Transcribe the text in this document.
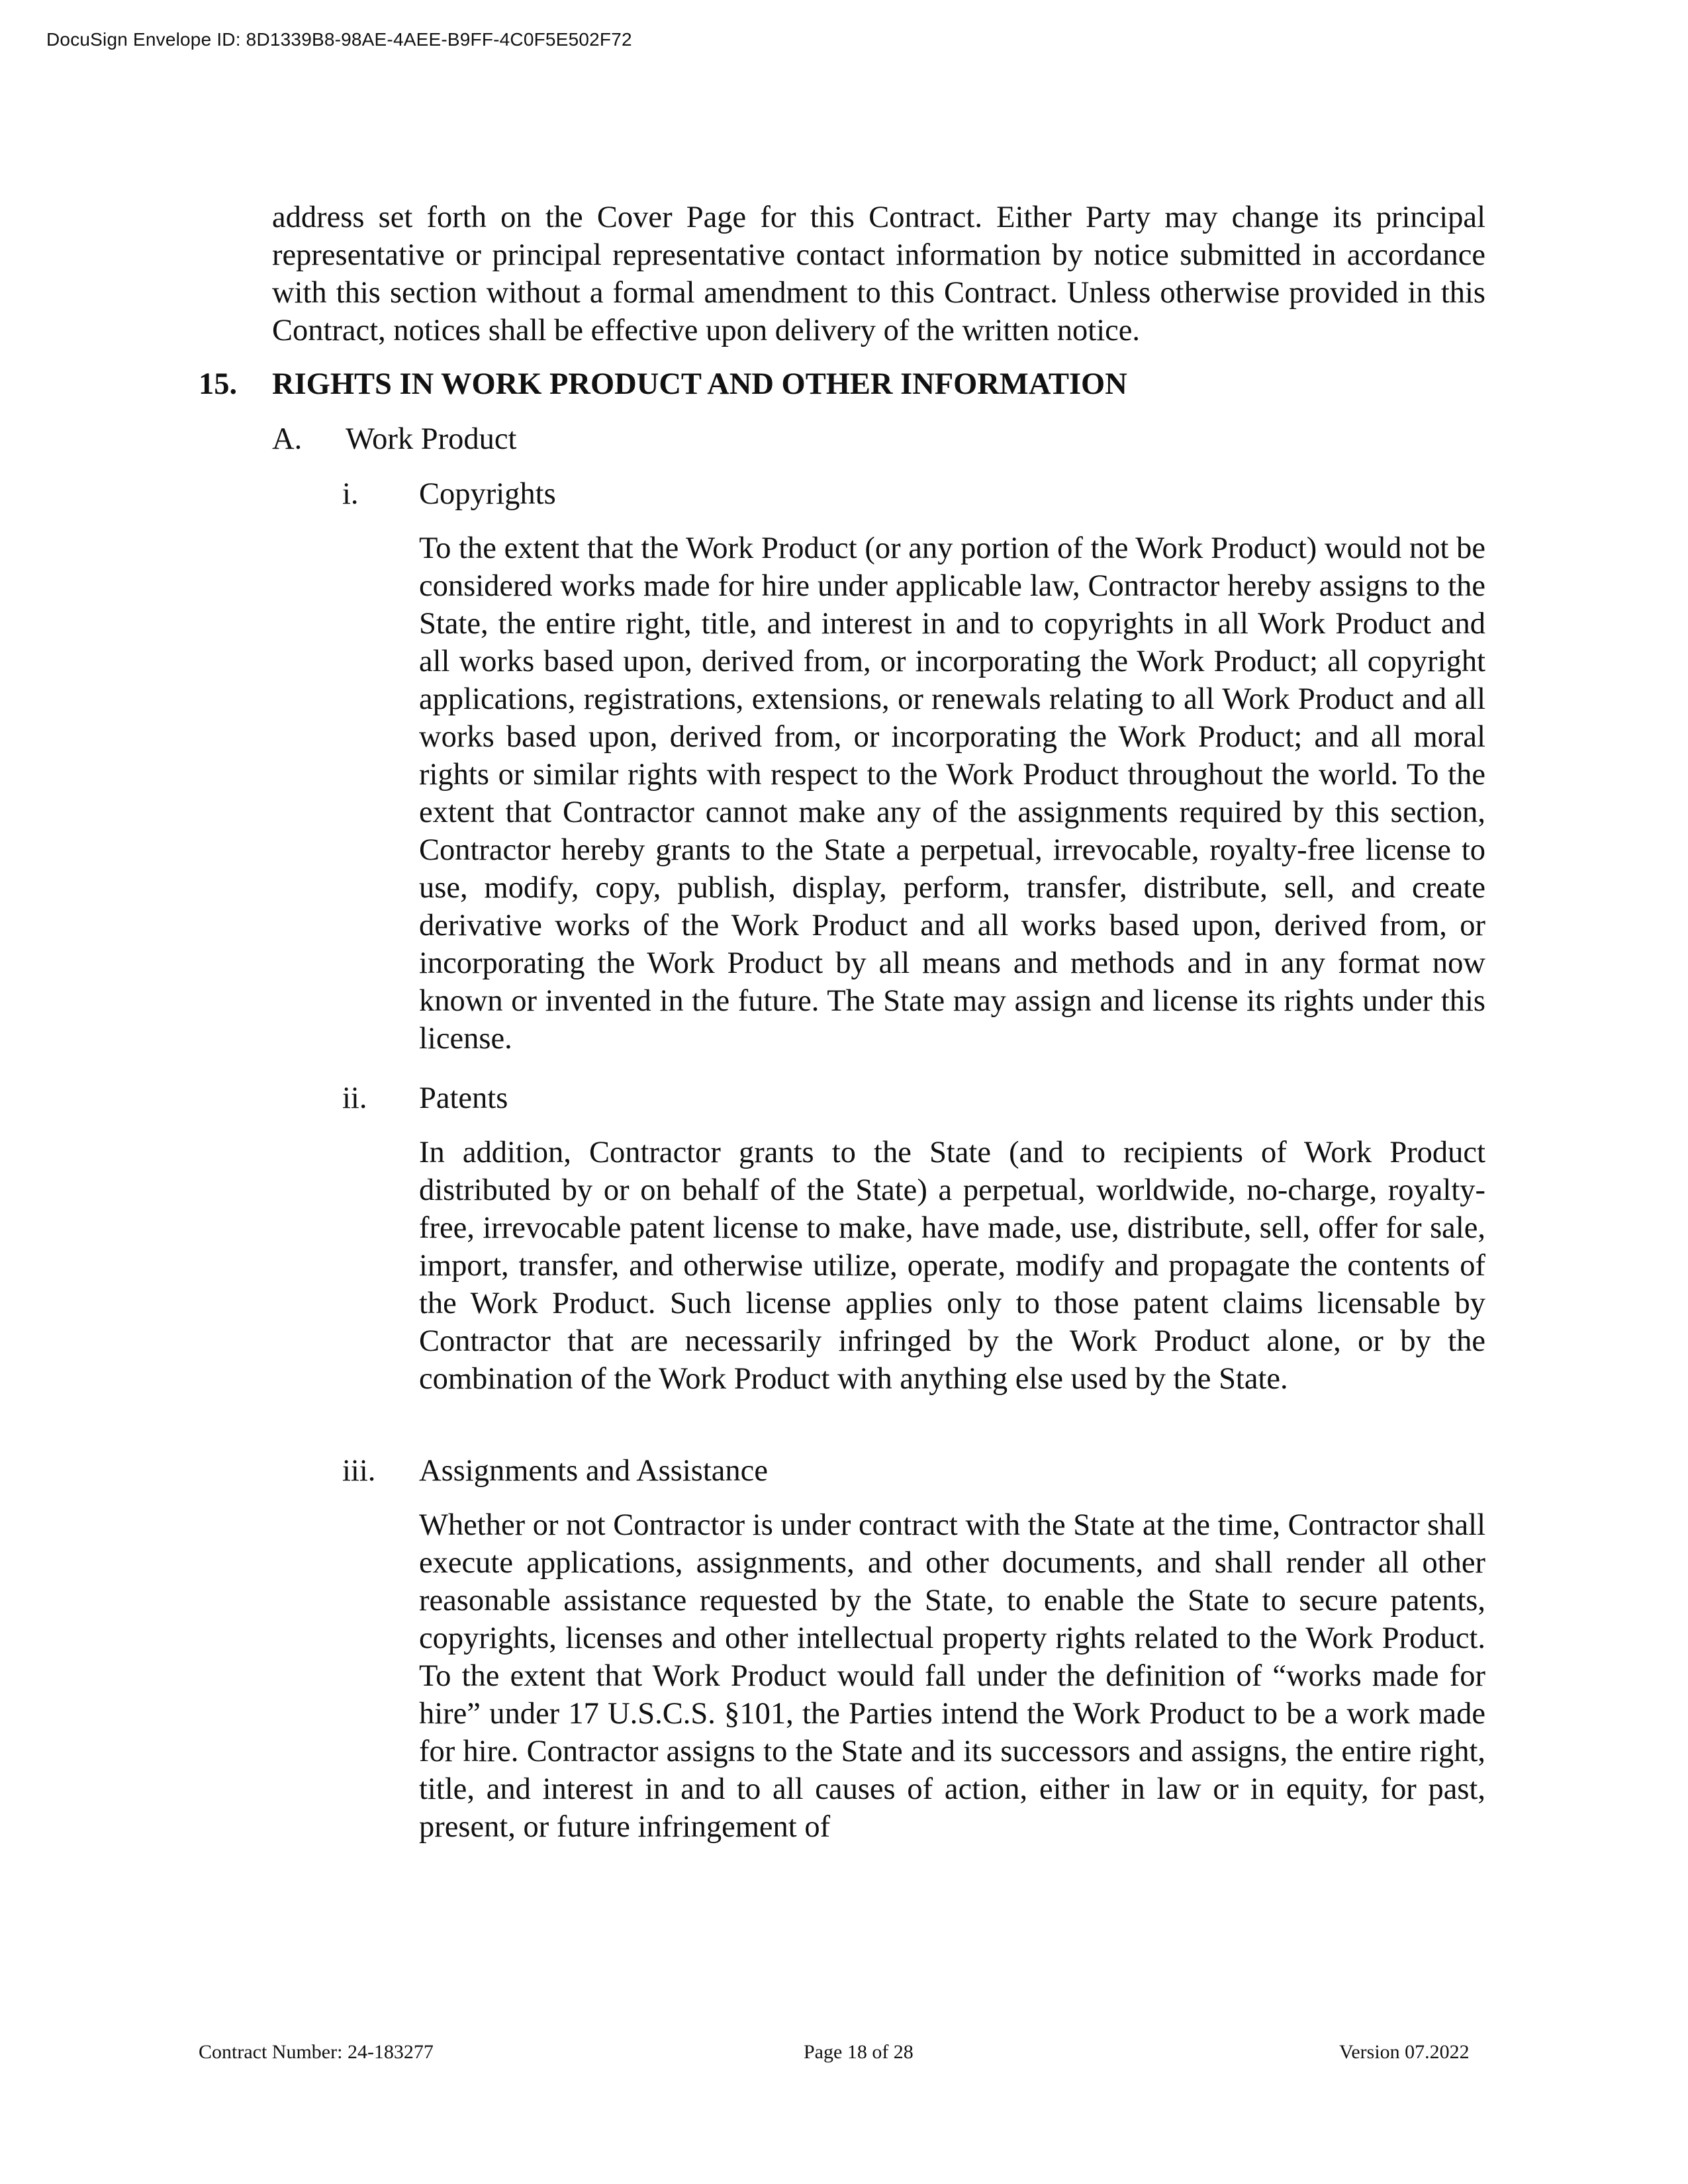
DocuSign Envelope ID: 8D1339B8-98AE-4AEE-B9FF-4C0F5E502F72
address set forth on the Cover Page for this Contract. Either Party may change its principal representative or principal representative contact information by notice submitted in accordance with this section without a formal amendment to this Contract. Unless otherwise provided in this Contract, notices shall be effective upon delivery of the written notice.
15. RIGHTS IN WORK PRODUCT AND OTHER INFORMATION
A. Work Product
i. Copyrights
To the extent that the Work Product (or any portion of the Work Product) would not be considered works made for hire under applicable law, Contractor hereby assigns to the State, the entire right, title, and interest in and to copyrights in all Work Product and all works based upon, derived from, or incorporating the Work Product; all copyright applications, registrations, extensions, or renewals relating to all Work Product and all works based upon, derived from, or incorporating the Work Product; and all moral rights or similar rights with respect to the Work Product throughout the world. To the extent that Contractor cannot make any of the assignments required by this section, Contractor hereby grants to the State a perpetual, irrevocable, royalty-free license to use, modify, copy, publish, display, perform, transfer, distribute, sell, and create derivative works of the Work Product and all works based upon, derived from, or incorporating the Work Product by all means and methods and in any format now known or invented in the future. The State may assign and license its rights under this license.
ii. Patents
In addition, Contractor grants to the State (and to recipients of Work Product distributed by or on behalf of the State) a perpetual, worldwide, no-charge, royalty-free, irrevocable patent license to make, have made, use, distribute, sell, offer for sale, import, transfer, and otherwise utilize, operate, modify and propagate the contents of the Work Product. Such license applies only to those patent claims licensable by Contractor that are necessarily infringed by the Work Product alone, or by the combination of the Work Product with anything else used by the State.
iii. Assignments and Assistance
Whether or not Contractor is under contract with the State at the time, Contractor shall execute applications, assignments, and other documents, and shall render all other reasonable assistance requested by the State, to enable the State to secure patents, copyrights, licenses and other intellectual property rights related to the Work Product. To the extent that Work Product would fall under the definition of “works made for hire” under 17 U.S.C.S. §101, the Parties intend the Work Product to be a work made for hire. Contractor assigns to the State and its successors and assigns, the entire right, title, and interest in and to all causes of action, either in law or in equity, for past, present, or future infringement of
Contract Number: 24-183277	Page 18 of 28	Version 07.2022
